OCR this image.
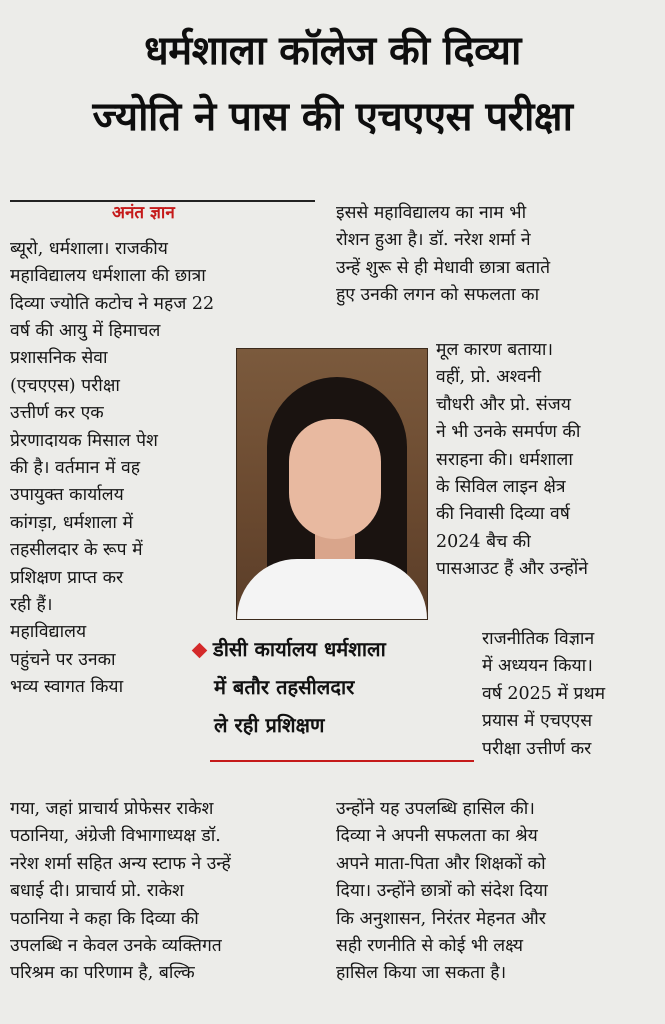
धर्मशाला कॉलेज की दिव्या
ज्योति ने पास की एचएएस परीक्षा
अनंत ज्ञान

ब्यूरो, धर्मशाला। राजकीय

महाविद्यालय धर्मशाला की छात्रा

दिव्या ज्योति कटोच ने महज 22

वर्ष की आयु में हिमाचल

प्रशासनिक सेवा

(एचएएस) परीक्षा

उत्तीर्ण कर एक

प्रेरणादायक मिसाल पेश

की है। वर्तमान में वह

उपायुक्त कार्यालय

कांगड़ा, धर्मशाला में

तहसीलदार के रूप में

प्रशिक्षण प्राप्त कर

रही हैं।

महाविद्यालय

पहुंचने पर उनका

भव्य स्वागत किया

गया, जहां प्राचार्य प्रोफेसर राकेश

पठानिया, अंग्रेजी विभागाध्यक्ष डॉ.

नरेश शर्मा सहित अन्य स्टाफ ने उन्हें

बधाई दी। प्राचार्य प्रो. राकेश

पठानिया ने कहा कि दिव्या की

उपलब्धि न केवल उनके व्यक्तिगत

परिश्रम का परिणाम है, बल्कि

इससे महाविद्यालय का नाम भी

रोशन हुआ है। डॉ. नरेश शर्मा ने

उन्हें शुरू से ही मेधावी छात्रा बताते

हुए उनकी लगन को सफलता का

मूल कारण बताया।

वहीं, प्रो. अश्वनी

चौधरी और प्रो. संजय

ने भी उनके समर्पण की

सराहना की। धर्मशाला

के सिविल लाइन क्षेत्र

की निवासी दिव्या वर्ष

2024 बैच की

पासआउट हैं और उन्होंने

राजनीतिक विज्ञान

में अध्ययन किया।

वर्ष 2025 में प्रथम

प्रयास में एचएएस

परीक्षा उत्तीर्ण कर

उन्होंने यह उपलब्धि हासिल की।

दिव्या ने अपनी सफलता का श्रेय

अपने माता-पिता और शिक्षकों को

दिया। उन्होंने छात्रों को संदेश दिया

कि अनुशासन, निरंतर मेहनत और

सही रणनीति से कोई भी लक्ष्य

हासिल किया जा सकता है।

डीसी कार्यालय धर्मशाला
में बतौर तहसीलदार
ले रही प्रशिक्षण
